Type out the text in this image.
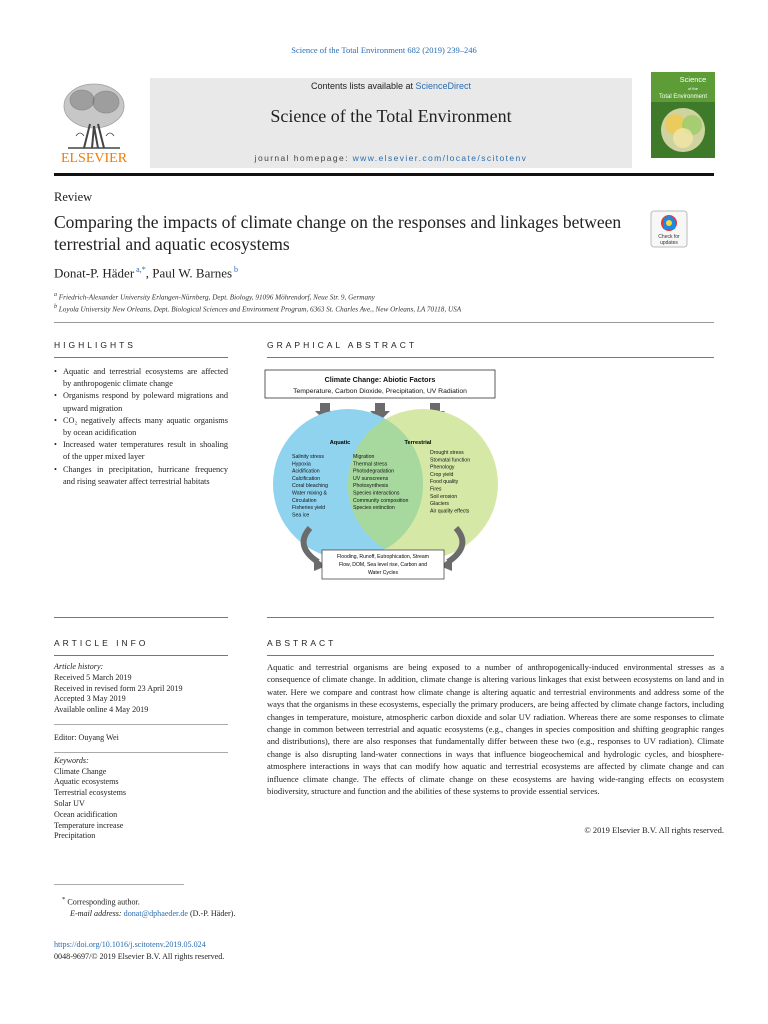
Science of the Total Environment 682 (2019) 239–246
ELSEVIER
Contents lists available at ScienceDirect
Science of the Total Environment
journal homepage: www.elsevier.com/locate/scitotenv
Science
of the
Total Environment
Review
Comparing the impacts of climate change on the responses and linkages between terrestrial and aquatic ecosystems	Check for
updates
Donat-P. Häder $^{a,*}$, Paul W. Barnes $^b$
$^a$ Friedrich-Alexander University Erlangen-Nürnberg, Dept. Biology, 91096 Möhrendorf, Neue Str. 9, Germany
$^b$ Loyola University New Orleans, Dept. Biological Sciences and Environment Program, 6363 St. Charles Ave., New Orleans, LA 70118, USA
HIGHLIGHTS
• Aquatic and terrestrial ecosystems are affected by anthropogenic climate change
• Organisms respond by poleward migrations and upward migration
• CO₂ negatively affects many aquatic organisms by ocean acidification
• Increased water temperatures result in shoaling of the upper mixed layer
• Changes in precipitation, hurricane frequency and rising seawater affect terrestrial habitats
GRAPHICAL ABSTRACT
Climate Change: Abiotic Factors
Temperature, Carbon Dioxide, Precipitation, UV Radiation
Aquatic	Terrestrial
Salinity stress
Hypoxia
Acidification
Calcification
Coral bleaching
Water mixing &
Circulation
Fisheries yield
Sea ice
Migration
Thermal stress
Photodegradation
UV sunscreens
Photosynthesis
Species interactions
Community composition
Species extinction
Drought stress
Stomatal function
Phenology
Crop yield
Food quality
Fires
Soil erosion
Glaciers
Air quality effects
Flooding, Runoff, Eutrophication, Stream
Flow, DOM, Sea level rise, Carbon and
Water Cycles
ARTICLE INFO
Article history:
Received 5 March 2019
Received in revised form 23 April 2019
Accepted 3 May 2019
Available online 4 May 2019
Editor: Ouyang Wei
Keywords:
Climate Change
Aquatic ecosystems
Terrestrial ecosystems
Solar UV
Ocean acidification
Temperature increase
Precipitation
ABSTRACT
Aquatic and terrestrial organisms are being exposed to a number of anthropogenically-induced environmental stresses as a consequence of climate change. In addition, climate change is altering various linkages that exist between ecosystems on land and in water. Here we compare and contrast how climate change is altering aquatic and terrestrial environments and address some of the ways that the organisms in these ecosystems, especially the primary producers, are being affected by climate change factors, including changes in temperature, moisture, atmospheric carbon dioxide and solar UV radiation. Whereas there are some responses to climate change in common between terrestrial and aquatic ecosystems (e.g., changes in species composition and shifting geographic ranges and distributions), there are also responses that fundamentally differ between these two (e.g., responses to UV radiation). Climate change is also disrupting land-water connections in ways that influence biogeochemical and hydrologic cycles, and biosphere-atmosphere interactions in ways that can modify how aquatic and terrestrial ecosystems are affected by climate change and can influence climate change. The effects of climate change on these ecosystems are having wide-ranging effects on ecosystem biodiversity, structure and function and the abilities of these systems to provide essential services.
© 2019 Elsevier B.V. All rights reserved.
* Corresponding author.
E-mail address: donat@dphaeder.de (D.-P. Häder).
https://doi.org/10.1016/j.scitotenv.2019.05.024
0048-9697/© 2019 Elsevier B.V. All rights reserved.
